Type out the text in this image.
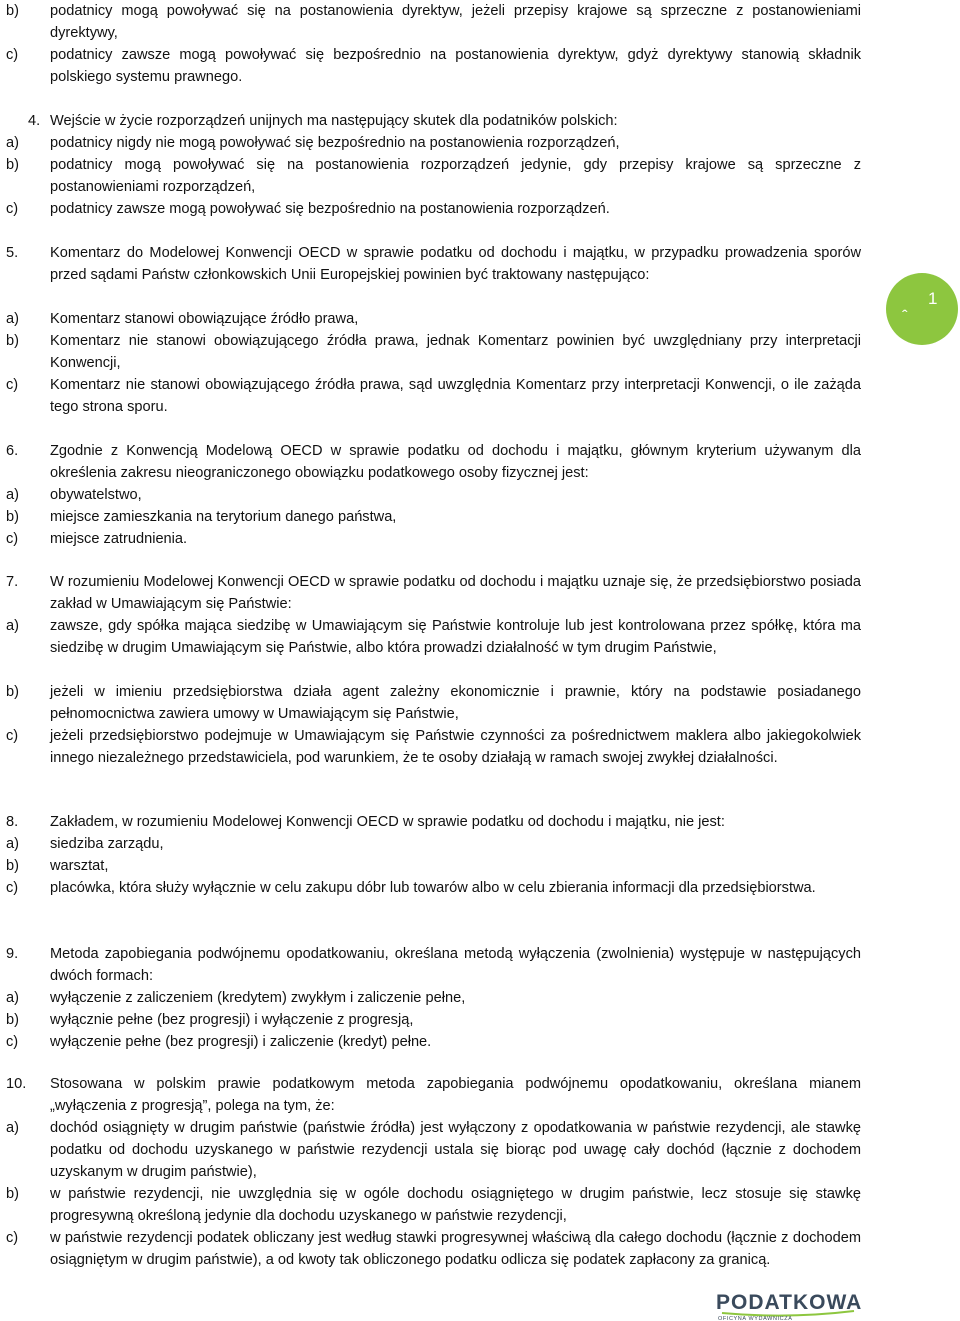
b) podatnicy mogą powoływać się na postanowienia dyrektyw, jeżeli przepisy krajowe są sprzeczne z postanowieniami dyrektywy,
c) podatnicy zawsze mogą powoływać się bezpośrednio na postanowienia dyrektyw, gdyż dyrektywy stanowią składnik polskiego systemu prawnego.
4. Wejście w życie rozporządzeń unijnych ma następujący skutek dla podatników polskich:
a) podatnicy nigdy nie mogą powoływać się bezpośrednio na postanowienia rozporządzeń,
b) podatnicy mogą powoływać się na postanowienia rozporządzeń jedynie, gdy przepisy krajowe są sprzeczne z postanowieniami rozporządzeń,
c) podatnicy zawsze mogą powoływać się bezpośrednio na postanowienia rozporządzeń.
5. Komentarz do Modelowej Konwencji OECD w sprawie podatku od dochodu i majątku, w przypadku prowadzenia sporów przed sądami Państw członkowskich Unii Europejskiej powinien być traktowany następująco:
a) Komentarz stanowi obowiązujące źródło prawa,
b) Komentarz nie stanowi obowiązującego źródła prawa, jednak Komentarz powinien być uwzględniany przy interpretacji Konwencji,
c) Komentarz nie stanowi obowiązującego źródła prawa, sąd uwzględnia Komentarz przy interpretacji Konwencji, o ile zażąda tego strona sporu.
6. Zgodnie z Konwencją Modelową OECD w sprawie podatku od dochodu i majątku, głównym kryterium używanym dla określenia zakresu nieograniczonego obowiązku podatkowego osoby fizycznej jest:
a) obywatelstwo,
b) miejsce zamieszkania na terytorium danego państwa,
c) miejsce zatrudnienia.
7. W rozumieniu Modelowej Konwencji OECD w sprawie podatku od dochodu i majątku uznaje się, że przedsiębiorstwo posiada zakład w Umawiającym się Państwie:
a) zawsze, gdy spółka mająca siedzibę w Umawiającym się Państwie kontroluje lub jest kontrolowana przez spółkę, która ma siedzibę w drugim Umawiającym się Państwie, albo która prowadzi działalność w tym drugim Państwie,
b) jeżeli w imieniu przedsiębiorstwa działa agent zależny ekonomicznie i prawnie, który na podstawie posiadanego pełnomocnictwa zawiera umowy w Umawiającym się Państwie,
c) jeżeli przedsiębiorstwo podejmuje w Umawiającym się Państwie czynności za pośrednictwem maklera albo jakiegokolwiek innego niezależnego przedstawiciela, pod warunkiem, że te osoby działają w ramach swojej zwykłej działalności.
8. Zakładem, w rozumieniu Modelowej Konwencji OECD w sprawie podatku od dochodu i majątku, nie jest:
a) siedziba zarządu,
b) warsztat,
c) placówka, która służy wyłącznie w celu zakupu dóbr lub towarów albo w celu zbierania informacji dla przedsiębiorstwa.
9. Metoda zapobiegania podwójnemu opodatkowaniu, określana metodą wyłączenia (zwolnienia) występuje w następujących dwóch formach:
a) wyłączenie z zaliczeniem (kredytem) zwykłym i zaliczenie pełne,
b) wyłącznie pełne (bez progresji) i wyłączenie z progresją,
c) wyłączenie pełne (bez progresji) i zaliczenie (kredyt) pełne.
10. Stosowana w polskim prawie podatkowym metoda zapobiegania podwójnemu opodatkowaniu, określana mianem „wyłączenia z progresją”, polega na tym, że:
a) dochód osiągnięty w drugim państwie (państwie źródła) jest wyłączony z opodatkowania w państwie rezydencji, ale stawkę podatku od dochodu uzyskanego w państwie rezydencji ustala się biorąc pod uwagę cały dochód (łącznie z dochodem uzyskanym w drugim państwie),
b) w państwie rezydencji, nie uwzględnia się w ogóle dochodu osiągniętego w drugim państwie, lecz stosuje się stawkę progresywną określoną jedynie dla dochodu uzyskanego w państwie rezydencji,
c) w państwie rezydencji podatek obliczany jest według stawki progresywnej właściwą dla całego dochodu (łącznie z dochodem osiągniętym w drugim państwie), a od kwoty tak obliczonego podatku odlicza się podatek zapłacony za granicą.
1
ˆ
PODATKOWA
OFICYNA WYDAWNICZA
